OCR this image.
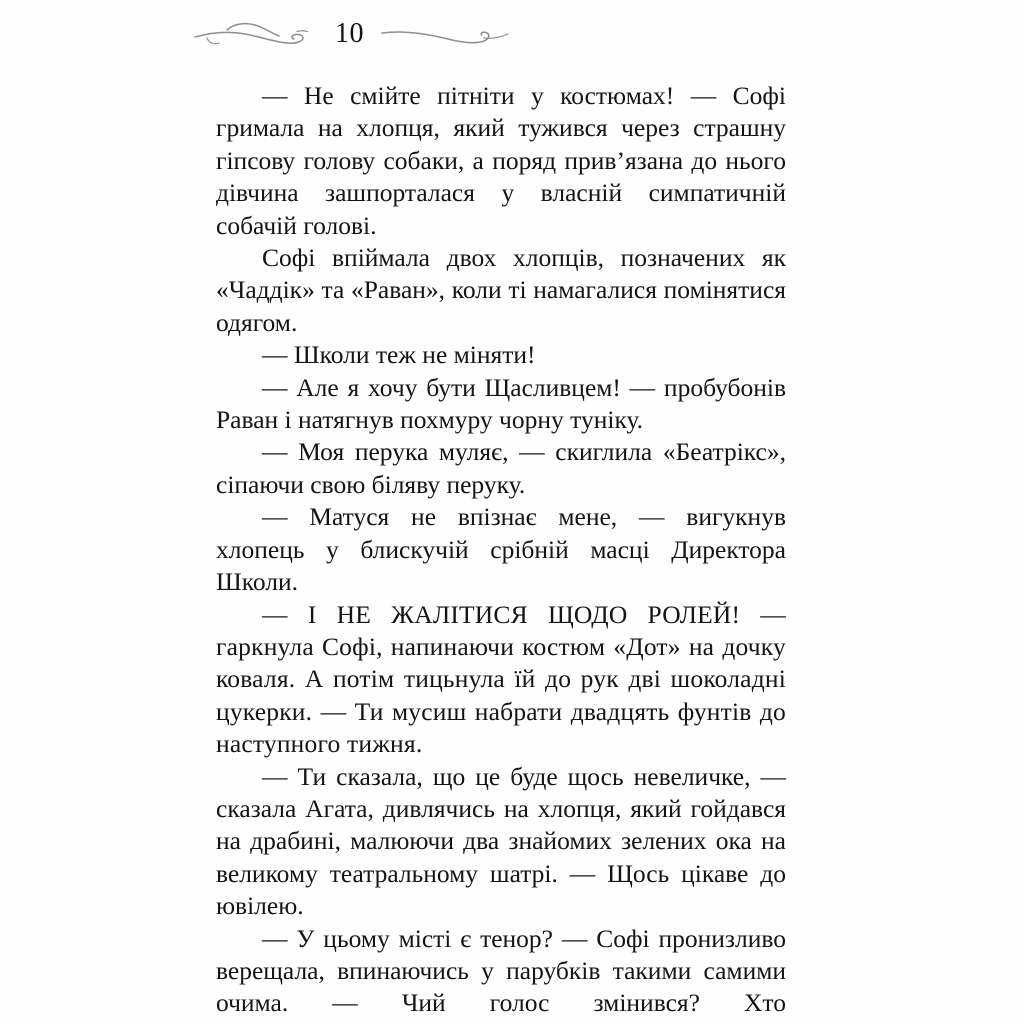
10

— Не смійте пітніти у костюмах! — Софі гримала на хлопця, який тужився через страшну гіпсову голову собаки, а поряд прив’язана до нього дівчина зашпорталася у власній симпатичній собачій голові.

Софі впіймала двох хлопців, позначених як «Чаддік» та «Раван», коли ті намагалися помінятися одягом.

— Школи теж не міняти!

— Але я хочу бути Щасливцем! — пробубонів Раван і натягнув похмуру чорну туніку.

— Моя перука муляє, — скиглила «Беатрікс», сіпаючи свою біляву перуку.

— Матуся не впізнає мене, — вигукнув хлопець у блискучій срібній масці Директора Школи.

— І НЕ ЖАЛІТИСЯ ЩОДО РОЛЕЙ! — гаркнула Софі, напинаючи костюм «Дот» на дочку коваля. А потім тицьнула їй до рук дві шоколадні цукерки. — Ти мусиш набрати двадцять фунтів до наступного тижня.

— Ти сказала, що це буде щось невеличке, — сказала Агата, дивлячись на хлопця, який гойдався на драбині, малюючи два знайомих зелених ока на великому театральному шатрі. — Щось цікаве до ювілею.

— У цьому місті є тенор? — Софі пронизливо верещала, впинаючись у парубків такими самими очима. — Чий голос змінився? Хто
